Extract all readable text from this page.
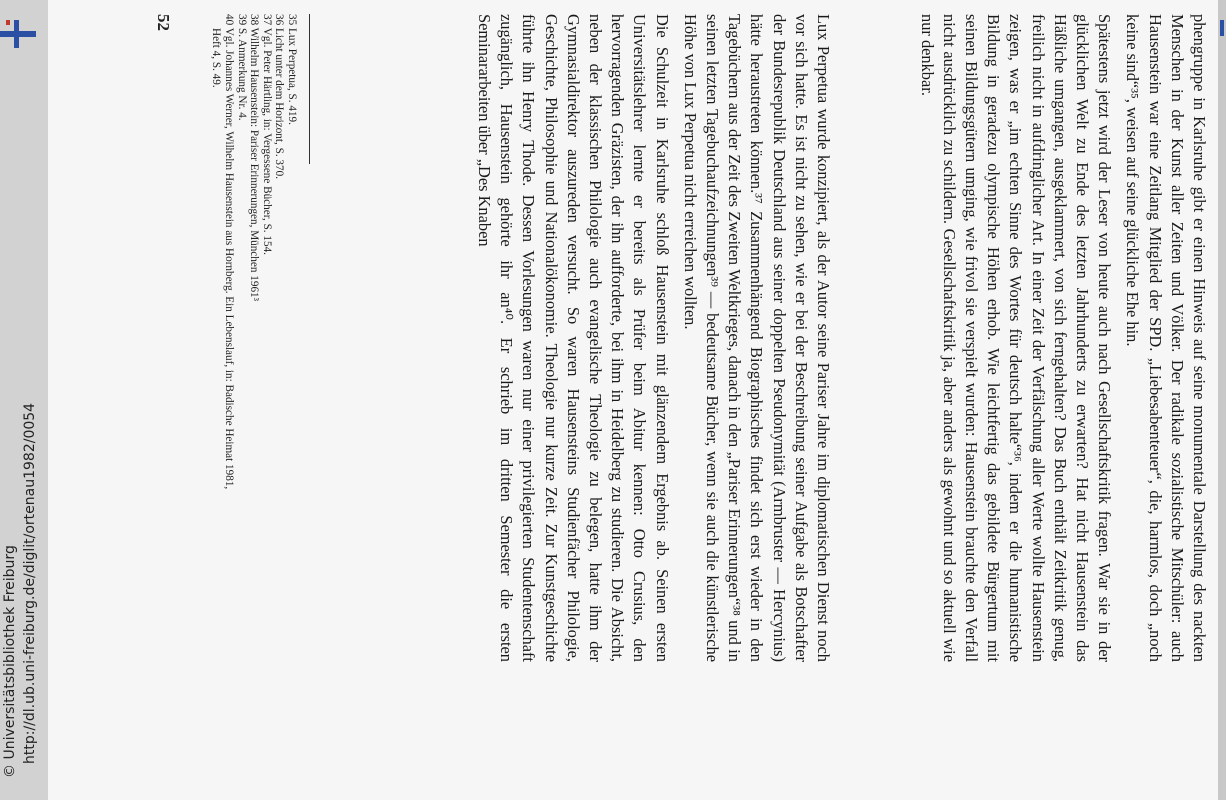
© Universitätsbibliothek Freiburg http://dl.ub.uni-freiburg.de/diglit/ortenau1982/0054	phengruppe in Karlsruhe gibt er einen Hinweis auf seine monumentale Darstellung des nackten Menschen in der Kunst aller Zeiten und Völker. Der radikale sozialistische Mitschüler: auch Hausenstein war eine Zeitlang Mitglied der SPD. „Liebesabenteuer“, die, harmlos, doch „noch keine sind“³⁵, weisen auf seine glückliche Ehe hin.

Spätestens jetzt wird der Leser von heute auch nach Gesellschaftskritik fragen. War sie in der glücklichen Welt zu Ende des letzten Jahrhunderts zu erwarten? Hat nicht Hausenstein das Häßliche umgangen, ausgeklammert, von sich ferngehalten? Das Buch enthält Zeitkritik genug, freilich nicht in aufdringlicher Art. In einer Zeit der Verfälschung aller Werte wollte Hausenstein zeigen, was er „im echten Sinne des Wortes für deutsch halte“³⁶, indem er die humanistische Bildung in geradezu olympische Höhen erhob. Wie leichtfertig das gebildete Bürgertum mit seinen Bildungsgütern umging, wie frivol sie verspielt wurden: Hausenstein brauchte den Verfall nicht ausdrücklich zu schildern. Gesellschaftskritik ja, aber anders als gewohnt und so aktuell wie nur denkbar.

Lux Perpetua wurde konzipiert, als der Autor seine Pariser Jahre im diplomatischen Dienst noch vor sich hatte. Es ist nicht zu sehen, wie er bei der Beschreibung seiner Aufgabe als Botschafter der Bundesrepublik Deutschland aus seiner doppelten Pseudonymität (Armbruster — Hercynius) hätte heraustreten können.³⁷ Zusammenhängend Biographisches findet sich erst wieder in den Tagebüchern aus der Zeit des Zweiten Weltkrieges, danach in den „Pariser Erinnerungen“³⁸ und in seinen letzten Tagebuchaufzeichnungen³⁹ — bedeutsame Bücher, wenn sie auch die künstlerische Höhe von Lux Perpetua nicht erreichen wollten.

Die Schulzeit in Karlsruhe schloß Hausenstein mit glänzendem Ergebnis ab. Seinen ersten Universitätslehrer lernte er bereits als Prüfer beim Abitur kennen: Otto Crusius, den hervorragenden Gräzisten, der ihn aufforderte, bei ihm in Heidelberg zu studieren. Die Absicht, neben der klassischen Philologie auch evangelische Theologie zu belegen, hatte ihm der Gymnasialdirektor auszureden versucht. So waren Hausensteins Studienfächer Philologie, Geschichte, Philosophie und Nationalökonomie. Theologie nur kurze Zeit. Zur Kunstgeschichte führte ihn Henry Thode. Dessen Vorlesungen waren nur einer privilegierten Studentenschaft zugänglich, Hausenstein gehörte ihr an⁴⁰. Er schrieb im dritten Semester die ersten Seminararbeiten über „Des Knaben

35 Lux Perpetua, S. 419.
36 Licht unter dem Horizont, S. 370.
37 Vgl. Peter Härtling, in: Vergessene Bücher, S. 154.
38 Wilhelm Hausenstein: Pariser Erinnerungen, München 1961³
39 S. Anmerkung Nr. 4.
40 Vgl. Johannes Werner, Wilhelm Hausenstein aus Hornberg. Ein Lebenslauf, in: Badische Heimat 1981,
Heft 4, S. 49.
52
